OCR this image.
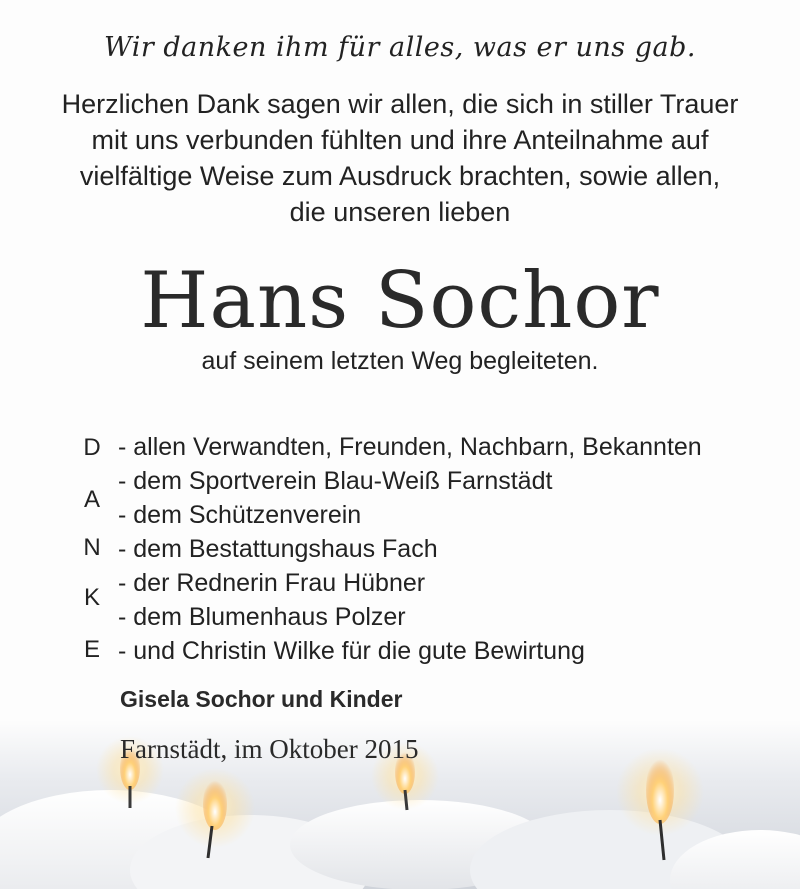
Wir danken ihm für alles, was er uns gab.
Herzlichen Dank sagen wir allen, die sich in stiller Trauer
mit uns verbunden fühlten und ihre Anteilnahme auf
vielfältige Weise zum Ausdruck brachten, sowie allen,
die unseren lieben
Hans Sochor
auf seinem letzten Weg begleiteten.
D
A
N
K
E
- allen Verwandten, Freunden, Nachbarn, Bekannten
- dem Sportverein Blau-Weiß Farnstädt
- dem Schützenverein
- dem Bestattungshaus Fach
- der Rednerin Frau Hübner
- dem Blumenhaus Polzer
- und Christin Wilke für die gute Bewirtung
Gisela Sochor und Kinder
Farnstädt, im Oktober 2015
